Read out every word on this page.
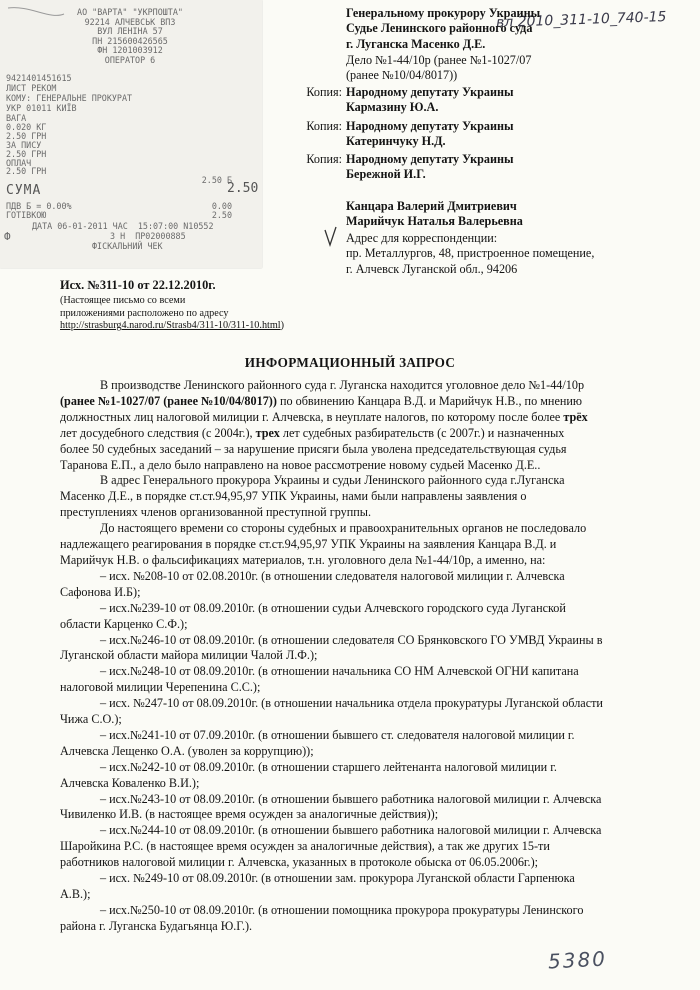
АО "ВАРТА" "УКРПОШТА"
92214 АЛЧЕВСЬК ВПЗ
ВУЛ ЛЕНІНА 57
ПН 215600426565
ФН 1201003912
ОПЕРАТОР 6
9421401451615
ЛИСТ РЕКОМ
КОМУ: ГЕНЕРАЛЬНЕ ПРОКУРАТ
УКР 01011 КИЇВ
ВАГА
0.020 КГ
2.50 ГРН
ЗА ПИСУ
2.50 ГРН
ОПЛАЧ
2.50 ГРН
2.50 Б
СУМА	2.50
ПДВ Б = 0.00%	0.00
ГОТІВКОЮ	2.50
ДАТА 06-01-2011 ЧАС  15:07:00 N10552
3 Н  ПР02000885
ФІСКАЛЬНИЙ ЧЕК
Ф
вл 2010_311-10_740-15
Генеральному прокурору Украины
Судье Ленинского районного суда
г. Луганска Масенко Д.Е.
Дело №1-44/10р (ранее №1-1027/07
(ранее №10/04/8017))
Копия: Народному депутату Украины
Кармазину Ю.А.
Копия: Народному депутату Украины
Катеринчуку Н.Д.
Копия: Народному депутату Украины
Бережной И.Г.
Канцара Валерий Дмитриевич
Марийчук Наталья Валерьевна
Адрес для корреспонденции:
пр. Металлургов, 48, пристроенное помещение,
г. Алчевск Луганской обл., 94206
Исх. №311-10 от 22.12.2010г.
(Настоящее письмо со всеми
приложениями расположено по адресу
http://strasburg4.narod.ru/Strasb4/311-10/311-10.html)
ИНФОРМАЦИОННЫЙ ЗАПРОС
В производстве Ленинского районного суда г. Луганска находится уголовное дело №1-44/10р
(ранее №1-1027/07 (ранее №10/04/8017)) по обвинению Канцара В.Д. и Марийчук Н.В., по мнению
должностных лиц налоговой милиции г. Алчевска, в неуплате налогов, по которому после более трёх
лет досудебного следствия (с 2004г.), трех лет судебных разбирательств (с 2007г.) и назначенных
более 50 судебных заседаний – за нарушение присяги была уволена председательствующая судья
Таранова Е.П., а дело было направлено на новое рассмотрение новому судьей Масенко Д.Е..
В адрес Генерального прокурора Украины и судьи Ленинского районного суда г.Луганска
Масенко Д.Е., в порядке ст.ст.94,95,97 УПК Украины, нами были направлены заявления о
преступлениях членов организованной преступной группы.
До настоящего времени со стороны судебных и правоохранительных органов не последовало
надлежащего реагирования в порядке ст.ст.94,95,97 УПК Украины на заявления Канцара В.Д. и
Марийчук Н.В. о фальсификациях материалов, т.н. уголовного дела №1-44/10р, а именно, на:
– исх. №208-10 от 02.08.2010г. (в отношении следователя налоговой милиции г. Алчевска
Сафонова И.Б);
– исх.№239-10 от 08.09.2010г. (в отношении судьи Алчевского городского суда Луганской
области Карценко С.Ф.);
– исх.№246-10 от 08.09.2010г. (в отношении следователя СО Брянковского ГО УМВД Украины в
Луганской области майора милиции Чалой Л.Ф.);
– исх.№248-10 от 08.09.2010г. (в отношении начальника СО НМ Алчевской ОГНИ капитана
налоговой милиции Черепенина С.С.);
– исх. №247-10 от 08.09.2010г. (в отношении начальника отдела прокуратуры Луганской области
Чижа С.О.);
– исх.№241-10 от 07.09.2010г. (в отношении бывшего ст. следователя налоговой милиции г.
Алчевска Лещенко О.А. (уволен за коррупцию));
– исх.№242-10 от 08.09.2010г. (в отношении старшего лейтенанта налоговой милиции г.
Алчевска Коваленко В.И.);
– исх.№243-10 от 08.09.2010г. (в отношении бывшего работника налоговой милиции г. Алчевска
Чивиленко И.В. (в настоящее время осужден за аналогичные действия));
– исх.№244-10 от 08.09.2010г. (в отношении бывшего работника налоговой милиции г. Алчевска
Шаройкина Р.С. (в настоящее время осужден за аналогичные действия), а так же других 15-ти
работников налоговой милиции г. Алчевска, указанных в протоколе обыска от 06.05.2006г.);
– исх. №249-10 от 08.09.2010г. (в отношении зам. прокурора Луганской области Гарпенюка
А.В.);
– исх.№250-10 от 08.09.2010г. (в отношении помощника прокурора прокуратуры Ленинского
района г. Луганска Будагьянца Ю.Г.).
5380
